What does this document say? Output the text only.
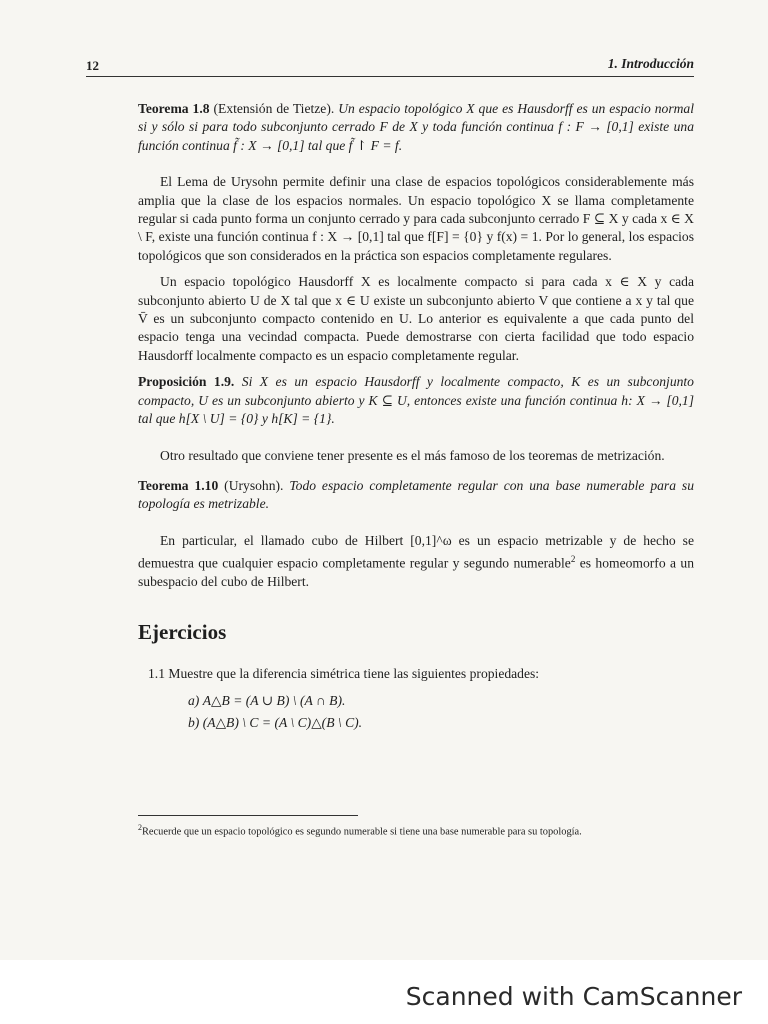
12	1. Introducción

Teorema 1.8 (Extensión de Tietze). Un espacio topológico X que es Hausdorff es un espacio normal si y sólo si para todo subconjunto cerrado F de X y toda función continua f : F → [0,1] existe una función continua f̃ : X → [0,1] tal que f̃ ↾ F = f.

El Lema de Urysohn permite definir una clase de espacios topológicos considerablemente más amplia que la clase de los espacios normales. Un espacio topológico X se llama completamente regular si cada punto forma un conjunto cerrado y para cada subconjunto cerrado F ⊆ X y cada x ∈ X \ F, existe una función continua f : X → [0,1] tal que f[F] = {0} y f(x) = 1. Por lo general, los espacios topológicos que son considerados en la práctica son espacios completamente regulares.

Un espacio topológico Hausdorff X es localmente compacto si para cada x ∈ X y cada subconjunto abierto U de X tal que x ∈ U existe un subconjunto abierto V que contiene a x y tal que V̄ es un subconjunto compacto contenido en U. Lo anterior es equivalente a que cada punto del espacio tenga una vecindad compacta. Puede demostrarse con cierta facilidad que todo espacio Hausdorff localmente compacto es un espacio completamente regular.

Proposición 1.9. Si X es un espacio Hausdorff y localmente compacto, K es un subconjunto compacto, U es un subconjunto abierto y K ⊆ U, entonces existe una función continua h: X → [0,1] tal que h[X \ U] = {0} y h[K] = {1}.

Otro resultado que conviene tener presente es el más famoso de los teoremas de metrización.

Teorema 1.10 (Urysohn). Todo espacio completamente regular con una base numerable para su topología es metrizable.

En particular, el llamado cubo de Hilbert [0,1]^ω es un espacio metrizable y de hecho se demuestra que cualquier espacio completamente regular y segundo numerable$^2$ es homeomorfo a un subespacio del cubo de Hilbert.

Ejercicios

1.1 Muestre que la diferencia simétrica tiene las siguientes propiedades:

a) A△B = (A ∪ B) \ (A ∩ B).

b) (A△B) \ C = (A \ C)△(B \ C).

$^2$Recuerde que un espacio topológico es segundo numerable si tiene una base numerable para su topología.

Scanned with CamScanner
